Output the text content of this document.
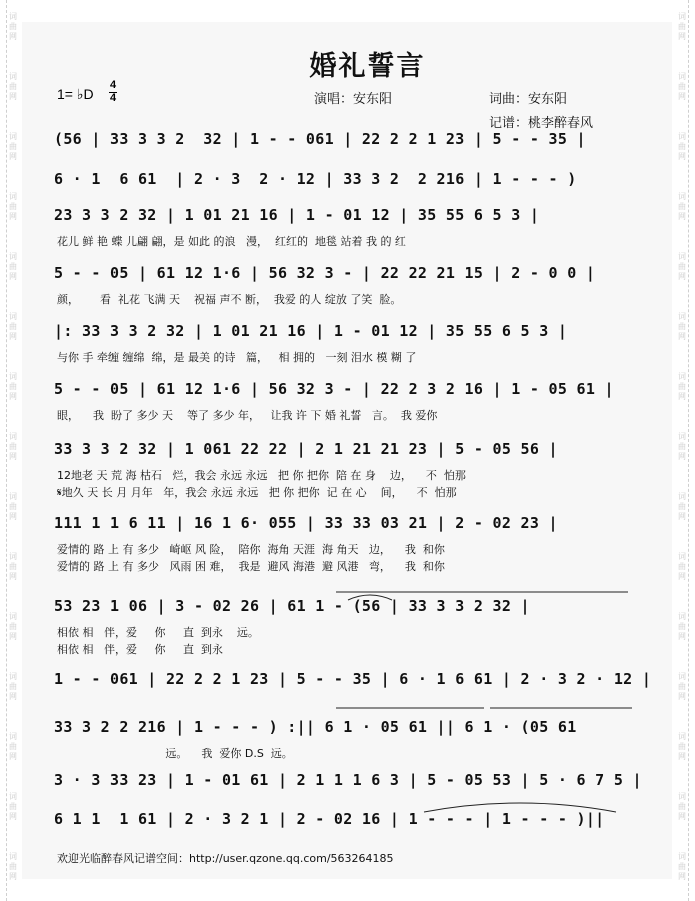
词
曲
网
词
曲
网
词
曲
网
词
曲
网
词
曲
网
词
曲
网
词
曲
网
词
曲
网
词
曲
网
词
曲
网
词
曲
网
词
曲
网
词
曲
网
词
曲
网
词
曲
网
词
曲
网
词
曲
网
词
曲
网
词
曲
网
词
曲
网
词
曲
网
词
曲
网
词
曲
网
词
曲
网
词
曲
网
词
曲
网
词
曲
网
词
曲
网
词
曲
网
词
曲
网
婚礼誓言
1= ♭D
4
4	演唱：安东阳	词曲：安东阳
记谱：桃李醉春风
(56 | 33 3 3 2  32 | 1 - - 061 | 22 2 2 1 23 | 5 - - 35 |
6 · 1  6 61  | 2 · 3  2 · 12 | 33 3 2  2 216 | 1 - - - )
23 3 3 2 32 | 1 01 21 16 | 1 - 01 12 | 35 55 6 5 3 |
花儿 鲜 艳 蝶 儿翩 翩，是 如此 的浪   漫，  红红的  地毯 站着 我 的 红
5 - - 05 | 61 12 1·6 | 56 32 3 - | 22 22 21 15 | 2 - 0 0 |
颜，      看  礼花 飞满 天    祝福 声不 断，  我爱 的人 绽放 了笑  脸。
|: 33 3 3 2 32 | 1 01 21 16 | 1 - 01 12 | 35 55 6 5 3 |
与你 手 牵缠 缠绵  绵，是 最美 的诗   篇，   相 拥的   一刻 泪水 模 糊 了
5 - - 05 | 61 12 1·6 | 56 32 3 - | 22 2 3 2 16 | 1 - 05 61 |
眼，    我  盼了 多少 天    等了 多少 年，   让我 许 下 婚 礼誓   言。  我 爱你
33 3 3 2 32 | 1 061 22 22 | 2 1 21 21 23 | 5 - 05 56 |
12地老 天 荒 海 枯石   烂，我会 永远 永远   把 你 把你  陪 在 身    边，    不  怕那
𝄋地久 天 长 月 月年   年，我会 永远 永远   把 你 把你  记 在 心    间，    不  怕那
111 1 1 6 11 | 16 1 6· 055 | 33 33 03 21 | 2 - 02 23 |
爱情的 路 上 有 多少   崎岖 风 险，  陪你  海角 天涯  海 角天   边，    我  和你
爱情的 路 上 有 多少   风雨 困 难，  我是  避风 海港  避 风港   弯，    我  和你
53 23 1 06 | 3 - 02 26 | 61 1 - (56 | 33 3 3 2 32 |
相依 相   伴，爱     你     直  到永    远。
相依 相   伴，爱     你     直  到永
1 - - 061 | 22 2 2 1 23 | 5 - - 35 | 6 · 1 6 61 | 2 · 3 2 · 12 |
33 3 2 2 216 | 1 - - - ) :|| 6 1 · 05 61 || 6 1 · (05 61
远。    我  爱你 D.S  远。
3 · 3 33 23 | 1 - 01 61 | 2 1 1 1 6 3 | 5 - 05 53 | 5 · 6 7 5 |
6 1 1  1 61 | 2 · 3 2 1 | 2 - 02 16 | 1 - - - | 1 - - - )||
欢迎光临醉春风记谱空间：http://user.qzone.qq.com/563264185
